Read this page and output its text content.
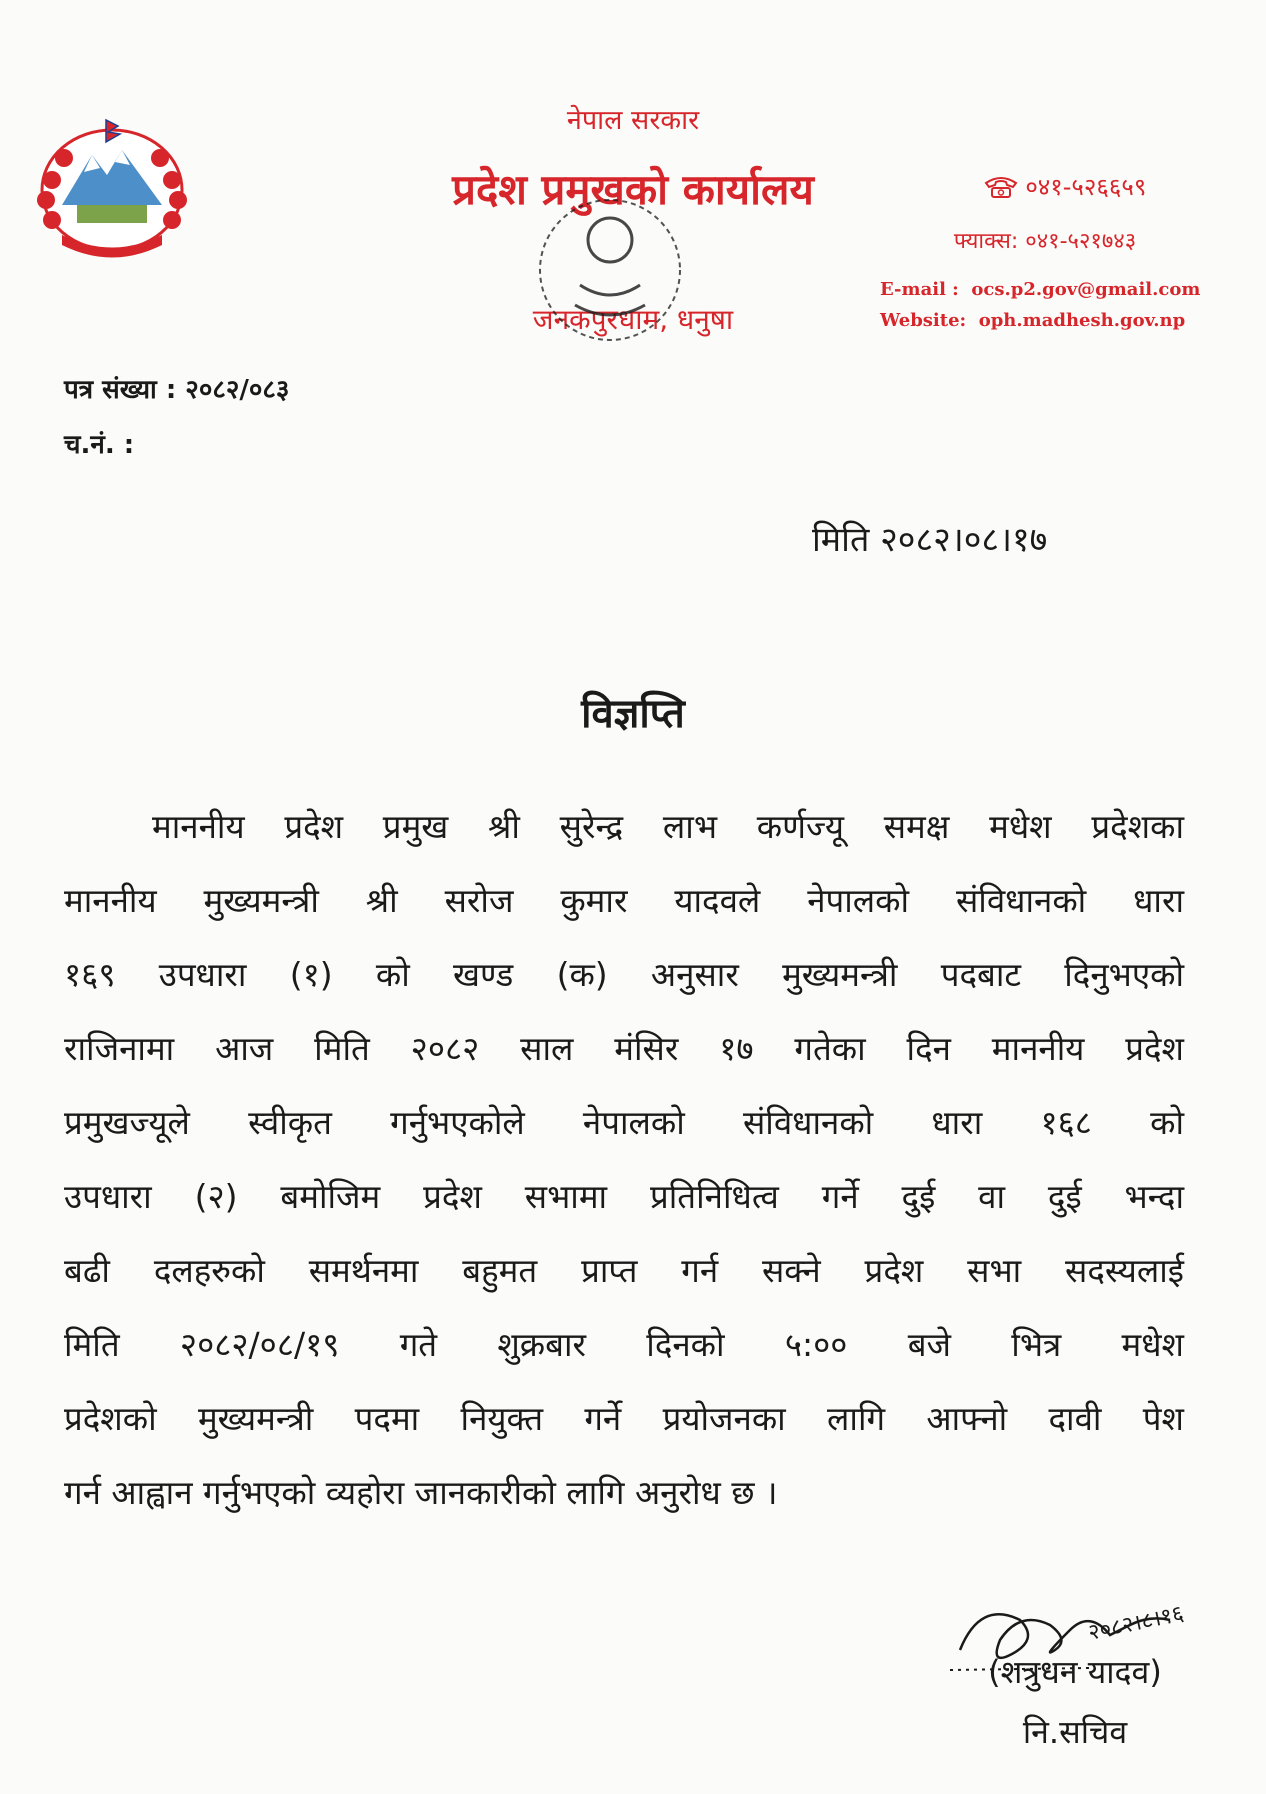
नेपाल सरकार
प्रदेश प्रमुखको कार्यालय
जनकपुरधाम, धनुषा
०४१-५२६६५९
फ्याक्स: ०४१-५२१७४३
E-mail : ocs.p2.gov@gmail.com
Website: oph.madhesh.gov.np
पत्र संख्या : २०८२/०८३
च.नं. :
मिति २०८२।०८।१७
विज्ञप्ति
माननीय प्रदेश प्रमुख श्री सुरेन्द्र लाभ कर्णज्यू समक्ष मधेश प्रदेशका
माननीय मुख्यमन्त्री श्री सरोज कुमार यादवले नेपालको संविधानको धारा
१६९ उपधारा (१) को खण्ड (क) अनुसार मुख्यमन्त्री पदबाट दिनुभएको
राजिनामा आज मिति २०८२ साल मंसिर १७ गतेका दिन माननीय प्रदेश
प्रमुखज्यूले स्वीकृत गर्नुभएकोले नेपालको संविधानको धारा १६८ को
उपधारा (२) बमोजिम प्रदेश सभामा प्रतिनिधित्व गर्ने दुई वा दुई भन्दा
बढी दलहरुको समर्थनमा बहुमत प्राप्त गर्न सक्ने प्रदेश सभा सदस्यलाई
मिति २०८२/०८/१९ गते शुक्रबार दिनको ५:०० बजे भित्र मधेश
प्रदेशको मुख्यमन्त्री पदमा नियुक्त गर्ने प्रयोजनका लागि आफ्नो दावी पेश
गर्न आह्वान गर्नुभएको व्यहोरा जानकारीको लागि अनुरोध छ ।
२०८२।८।१६
(शत्रुधन यादव)
नि.सचिव
